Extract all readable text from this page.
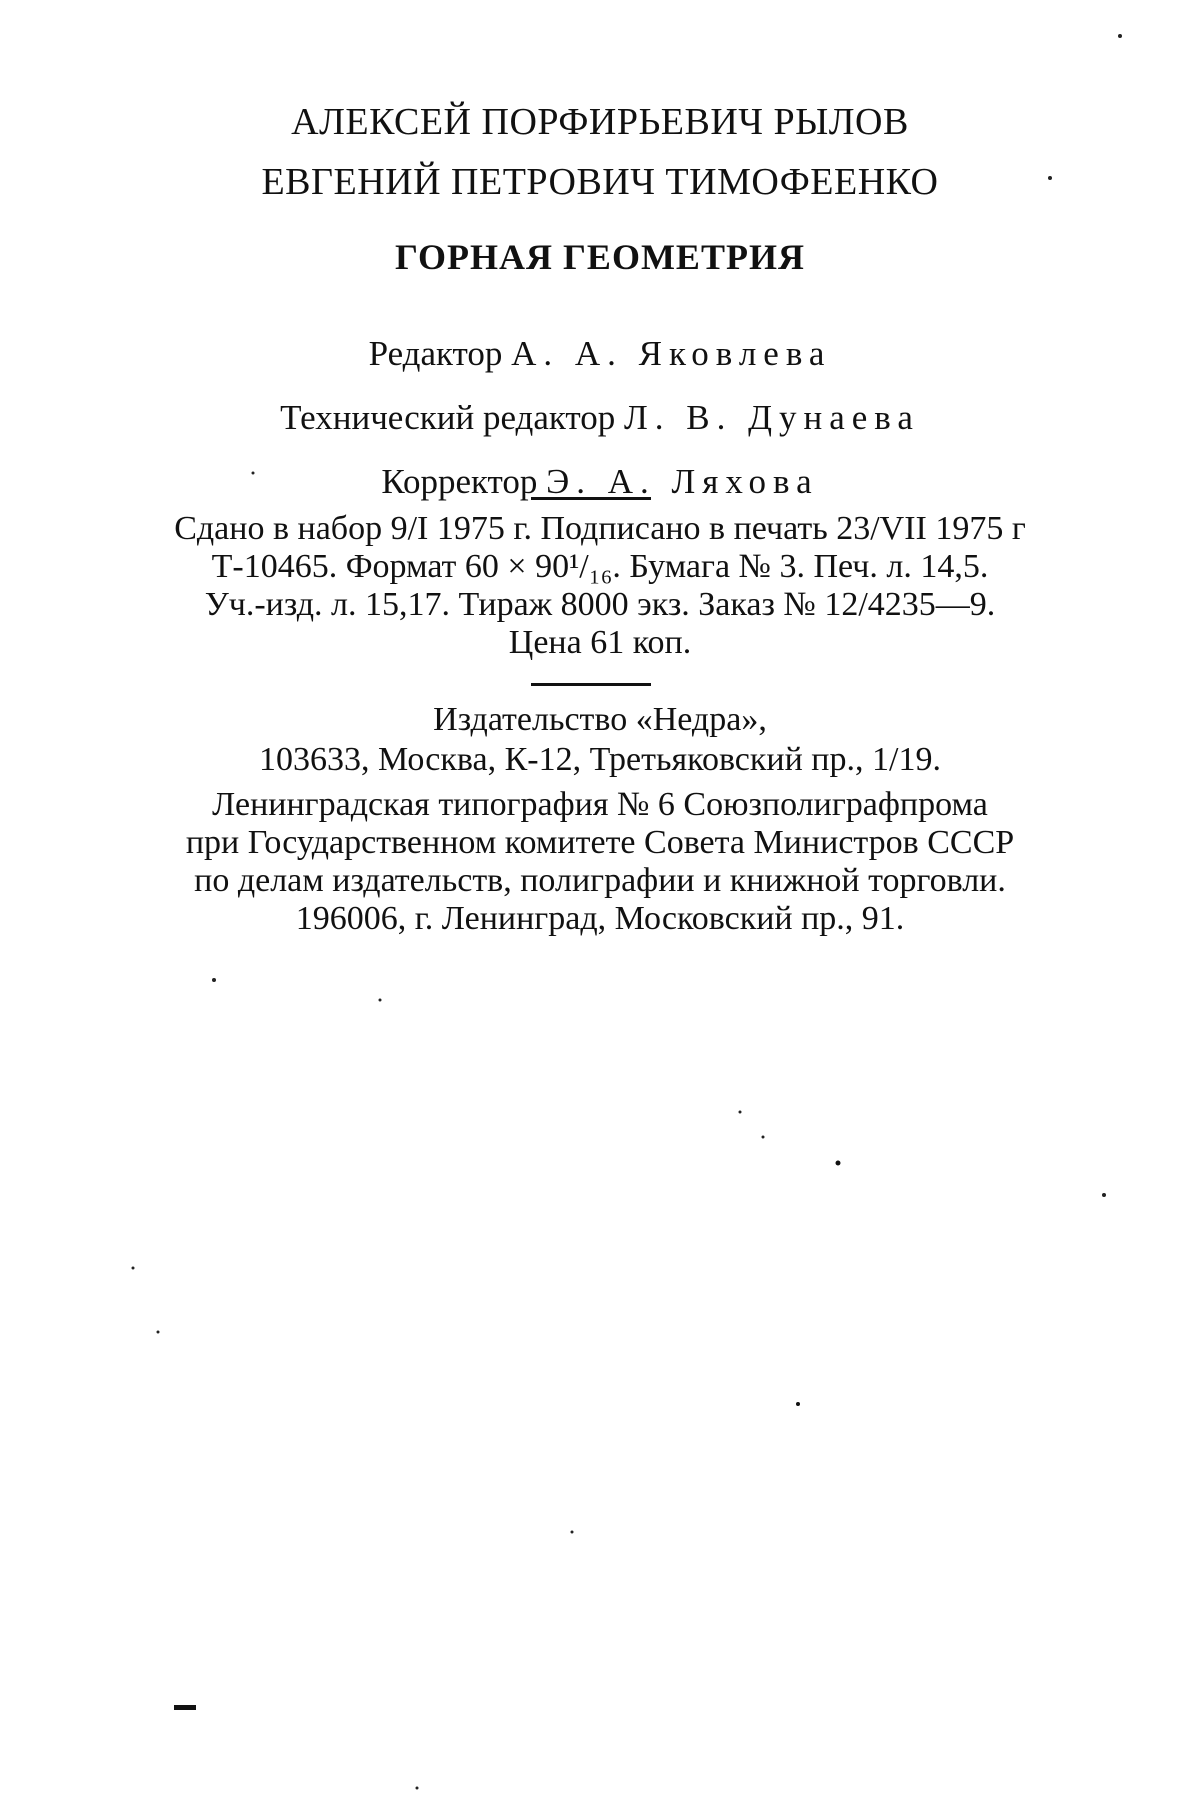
АЛЕКСЕЙ ПОРФИРЬЕВИЧ РЫЛОВ
ЕВГЕНИЙ ПЕТРОВИЧ ТИМОФЕЕНКО
ГОРНАЯ ГЕОМЕТРИЯ
Редактор А. А. Яковлева
Технический редактор Л. В. Дунаева
Корректор Э. А. Ляхова
Сдано в набор 9/I 1975 г. Подписано в печать 23/VII 1975 г
Т-10465. Формат 60 × 90¹/₁₆. Бумага № 3. Печ. л. 14,5.
Уч.-изд. л. 15,17. Тираж 8000 экз. Заказ № 12/4235—9.
Цена 61 коп.
Издательство «Недра»,
103633, Москва, К-12, Третьяковский пр., 1/19.
Ленинградская типография № 6 Союзполиграфпрома
при Государственном комитете Совета Министров СССР
по делам издательств, полиграфии и книжной торговли.
196006, г. Ленинград, Московский пр., 91.
